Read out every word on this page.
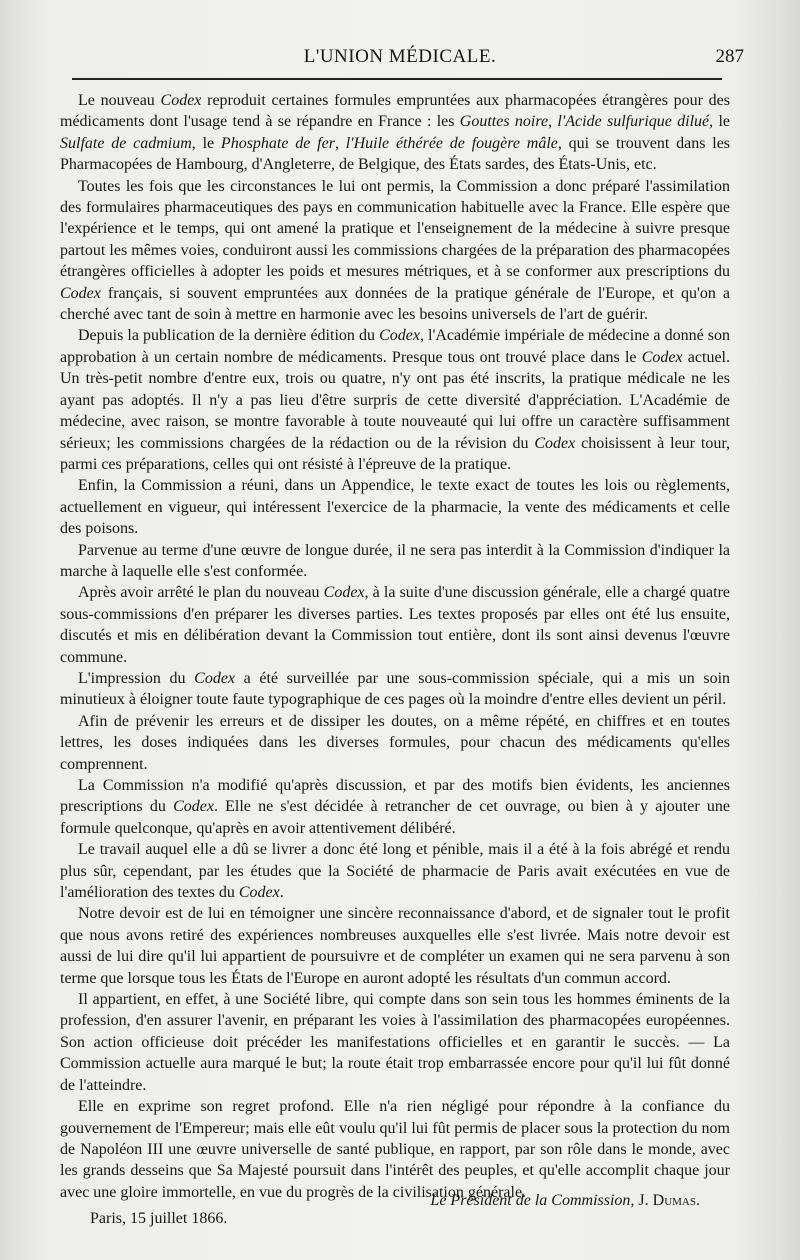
L'UNION MÉDICALE.	287

Le nouveau Codex reproduit certaines formules empruntées aux pharmacopées étrangères pour des médicaments dont l'usage tend à se répandre en France : les Gouttes noire, l'Acide sulfurique dilué, le Sulfate de cadmium, le Phosphate de fer, l'Huile éthérée de fougère mâle, qui se trouvent dans les Pharmacopées de Hambourg, d'Angleterre, de Belgique, des États sardes, des États-Unis, etc.

Toutes les fois que les circonstances le lui ont permis, la Commission a donc préparé l'assimilation des formulaires pharmaceutiques des pays en communication habituelle avec la France. Elle espère que l'expérience et le temps, qui ont amené la pratique et l'enseignement de la médecine à suivre presque partout les mêmes voies, conduiront aussi les commissions chargées de la préparation des pharmacopées étrangères officielles à adopter les poids et mesures métriques, et à se conformer aux prescriptions du Codex français, si souvent empruntées aux données de la pratique générale de l'Europe, et qu'on a cherché avec tant de soin à mettre en harmonie avec les besoins universels de l'art de guérir.

Depuis la publication de la dernière édition du Codex, l'Académie impériale de médecine a donné son approbation à un certain nombre de médicaments. Presque tous ont trouvé place dans le Codex actuel. Un très-petit nombre d'entre eux, trois ou quatre, n'y ont pas été inscrits, la pratique médicale ne les ayant pas adoptés. Il n'y a pas lieu d'être surpris de cette diversité d'appréciation. L'Académie de médecine, avec raison, se montre favorable à toute nouveauté qui lui offre un caractère suffisamment sérieux; les commissions chargées de la rédaction ou de la révision du Codex choisissent à leur tour, parmi ces préparations, celles qui ont résisté à l'épreuve de la pratique.

Enfin, la Commission a réuni, dans un Appendice, le texte exact de toutes les lois ou règlements, actuellement en vigueur, qui intéressent l'exercice de la pharmacie, la vente des médicaments et celle des poisons.

Parvenue au terme d'une œuvre de longue durée, il ne sera pas interdit à la Commission d'indiquer la marche à laquelle elle s'est conformée.

Après avoir arrêté le plan du nouveau Codex, à la suite d'une discussion générale, elle a chargé quatre sous-commissions d'en préparer les diverses parties. Les textes proposés par elles ont été lus ensuite, discutés et mis en délibération devant la Commission tout entière, dont ils sont ainsi devenus l'œuvre commune.

L'impression du Codex a été surveillée par une sous-commission spéciale, qui a mis un soin minutieux à éloigner toute faute typographique de ces pages où la moindre d'entre elles devient un péril.

Afin de prévenir les erreurs et de dissiper les doutes, on a même répété, en chiffres et en toutes lettres, les doses indiquées dans les diverses formules, pour chacun des médicaments qu'elles comprennent.

La Commission n'a modifié qu'après discussion, et par des motifs bien évidents, les anciennes prescriptions du Codex. Elle ne s'est décidée à retrancher de cet ouvrage, ou bien à y ajouter une formule quelconque, qu'après en avoir attentivement délibéré.

Le travail auquel elle a dû se livrer a donc été long et pénible, mais il a été à la fois abrégé et rendu plus sûr, cependant, par les études que la Société de pharmacie de Paris avait exécutées en vue de l'amélioration des textes du Codex.

Notre devoir est de lui en témoigner une sincère reconnaissance d'abord, et de signaler tout le profit que nous avons retiré des expériences nombreuses auxquelles elle s'est livrée. Mais notre devoir est aussi de lui dire qu'il lui appartient de poursuivre et de compléter un examen qui ne sera parvenu à son terme que lorsque tous les États de l'Europe en auront adopté les résultats d'un commun accord.

Il appartient, en effet, à une Société libre, qui compte dans son sein tous les hommes éminents de la profession, d'en assurer l'avenir, en préparant les voies à l'assimilation des pharmacopées européennes. Son action officieuse doit précéder les manifestations officielles et en garantir le succès. — La Commission actuelle aura marqué le but; la route était trop embarrassée encore pour qu'il lui fût donné de l'atteindre.

Elle en exprime son regret profond. Elle n'a rien négligé pour répondre à la confiance du gouvernement de l'Empereur; mais elle eût voulu qu'il lui fût permis de placer sous la protection du nom de Napoléon III une œuvre universelle de santé publique, en rapport, par son rôle dans le monde, avec les grands desseins que Sa Majesté poursuit dans l'intérêt des peuples, et qu'elle accomplit chaque jour avec une gloire immortelle, en vue du progrès de la civilisation générale.

Le Président de la Commission, J. Dumas.
Paris, 15 juillet 1866.
